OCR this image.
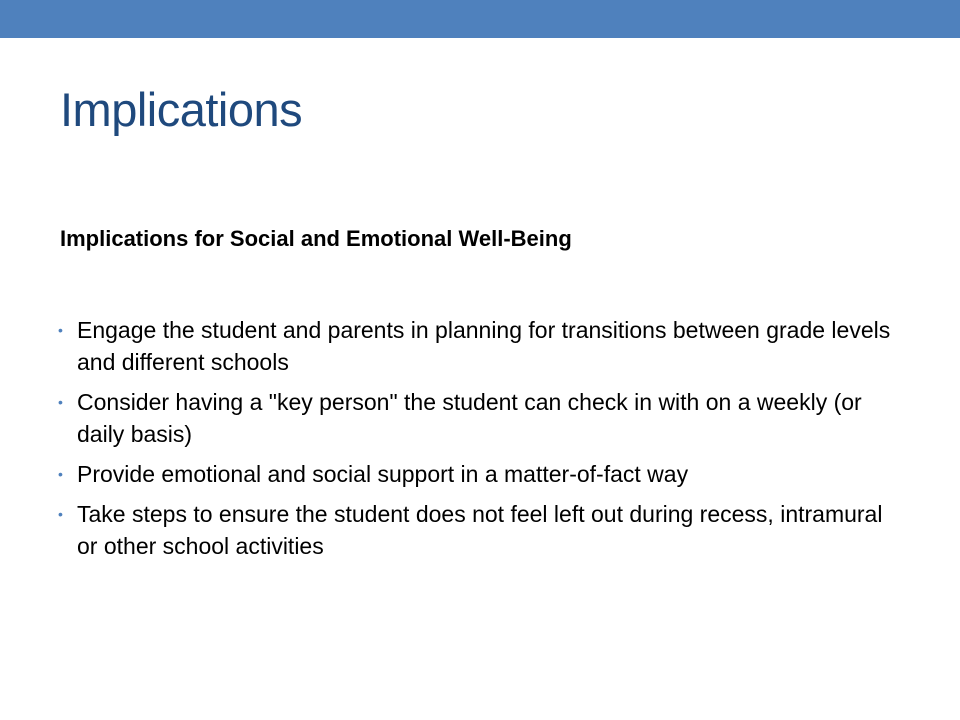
Implications

Implications for Social and Emotional Well-Being

• Engage the student and parents in planning for transitions between grade levels and different schools
• Consider having a "key person" the student can check in with on a weekly (or daily basis)
• Provide emotional and social support in a matter-of-fact way
• Take steps to ensure the student does not feel left out during recess, intramural or other school activities
